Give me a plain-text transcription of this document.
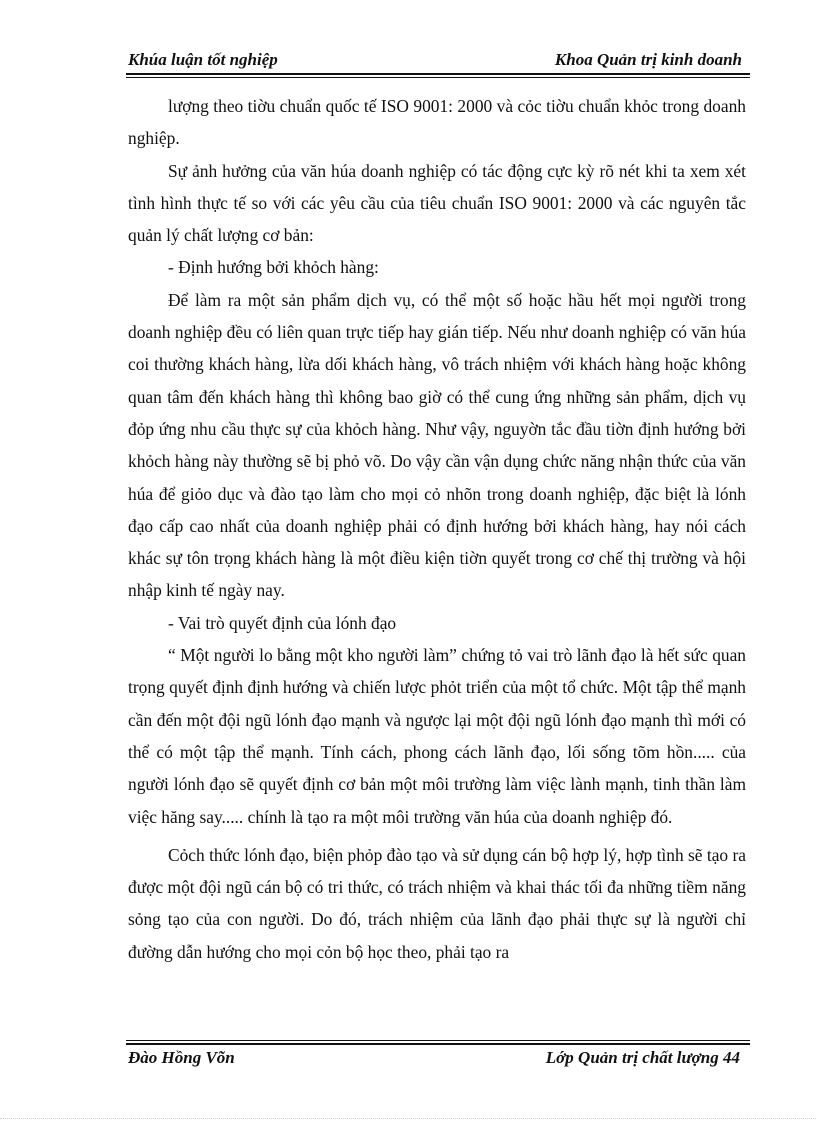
Khúa luận tốt nghiệp	Khoa Quản trị kinh doanh

lượng theo tiờu chuẩn quốc tế ISO 9001: 2000 và cỏc tiờu chuẩn khỏc trong doanh nghiệp.

Sự ảnh hưởng của văn húa doanh nghiệp có tác động cực kỳ rõ nét khi ta xem xét tình hình thực tế so với các yêu cầu của tiêu chuẩn ISO 9001: 2000 và các nguyên tắc quản lý chất lượng cơ bản:

- Định hướng bởi khỏch hàng:

Để làm ra một sản phẩm dịch vụ, có thể một số hoặc hầu hết mọi người trong doanh nghiệp đều có liên quan trực tiếp hay gián tiếp. Nếu như doanh nghiệp có văn húa coi thường khách hàng, lừa dối khách hàng, vô trách nhiệm với khách hàng hoặc không quan tâm đến khách hàng thì không bao giờ có thể cung ứng những sản phẩm, dịch vụ đỏp ứng nhu cầu thực sự của khỏch hàng. Như vậy, nguyờn tắc đầu tiờn định hướng bởi khỏch hàng này thường sẽ bị phỏ võ. Do vậy cần vận dụng chức năng nhận thức của văn húa để giỏo dục và đào tạo làm cho mọi cỏ nhõn trong doanh nghiệp, đặc biệt là lónh đạo cấp cao nhất của doanh nghiệp phải có định hướng bởi khách hàng, hay nói cách khác sự tôn trọng khách hàng là một điều kiện tiờn quyết trong cơ chế thị trường và hội nhập kinh tế ngày nay.

- Vai trò quyết định của lónh đạo

“ Một người lo bằng một kho người làm” chứng tỏ vai trò lãnh đạo là hết sức quan trọng quyết định định hướng và chiến lược phỏt triển của một tổ chức. Một tập thể mạnh cần đến một đội ngũ lónh đạo mạnh và ngược lại một đội ngũ lónh đạo mạnh thì mới có thể có một tập thể mạnh. Tính cách, phong cách lãnh đạo, lối sống tõm hồn..... của người lónh đạo sẽ quyết định cơ bản một môi trường làm việc lành mạnh, tinh thần làm việc hăng say..... chính là tạo ra một môi trường văn húa của doanh nghiệp đó.

Cỏch thức lónh đạo, biện phỏp đào tạo và sử dụng cán bộ hợp lý, hợp tình sẽ tạo ra được một đội ngũ cán bộ có tri thức, có trách nhiệm và khai thác tối đa những tiềm năng sỏng tạo của con người. Do đó, trách nhiệm của lãnh đạo phải thực sự là người chỉ đường dẫn hướng cho mọi cỏn bộ học theo, phải tạo ra

Đào Hồng Võn	Lớp Quản trị chất lượng 44
